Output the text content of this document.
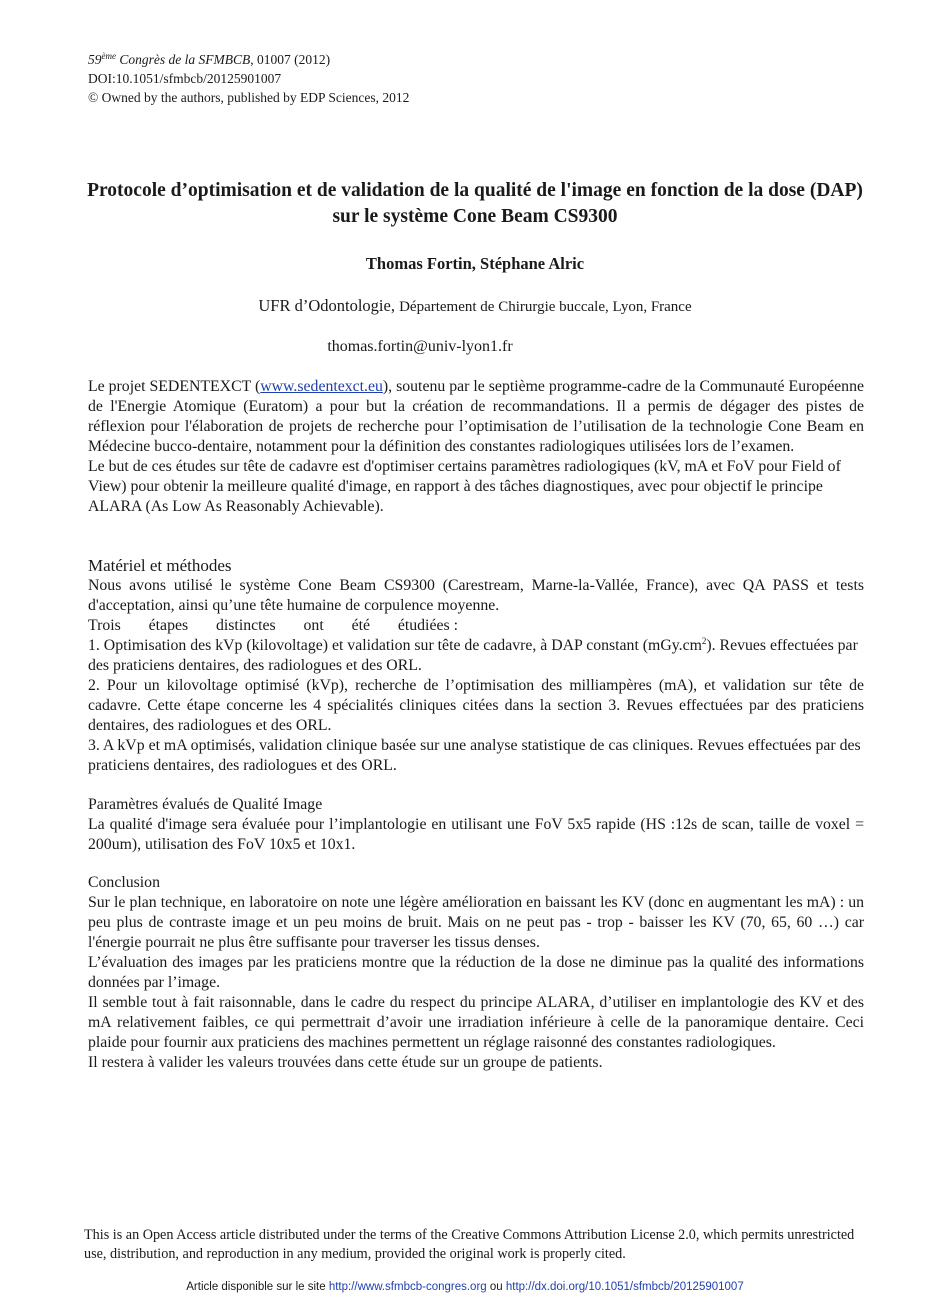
59ème Congrès de la SFMBCB, 01007 (2012)
DOI:10.1051/sfmbcb/20125901007
© Owned by the authors, published by EDP Sciences, 2012
Protocole d’optimisation et de validation de la qualité de l'image en fonction de la dose (DAP) sur le système Cone Beam CS9300
Thomas Fortin, Stéphane Alric
UFR d’Odontologie, Département de Chirurgie buccale, Lyon, France
thomas.fortin@univ-lyon1.fr

Le projet SEDENTEXCT (www.sedentexct.eu), soutenu par le septième programme-cadre de la Communauté Européenne de l'Energie Atomique (Euratom) a pour but la création de recommandations. Il a permis de dégager des pistes de réflexion pour l'élaboration de projets de recherche pour l’optimisation de l’utilisation de la technologie Cone Beam en Médecine bucco-dentaire, notamment pour la définition des constantes radiologiques utilisées lors de l’examen.

Le but de ces études sur tête de cadavre est d'optimiser certains paramètres radiologiques (kV, mA et FoV pour Field of View) pour obtenir la meilleure qualité d'image, en rapport à des tâches diagnostiques, avec pour objectif le principe ALARA (As Low As Reasonably Achievable).

Matériel et méthodes

Nous avons utilisé le système Cone Beam CS9300 (Carestream, Marne-la-Vallée, France), avec QA PASS et tests d'acceptation, ainsi qu’une tête humaine de corpulence moyenne.

Trois étapes distinctes ont été étudiées :

1. Optimisation des kVp (kilovoltage) et validation sur tête de cadavre, à DAP constant $(mGy.cm^2)$. Revues effectuées par des praticiens dentaires, des radiologues et des ORL.

2. Pour un kilovoltage optimisé (kVp), recherche de l’optimisation des milliampères (mA), et validation sur tête de cadavre. Cette étape concerne les 4 spécialités cliniques citées dans la section 3. Revues effectuées par des praticiens dentaires, des radiologues et des ORL.

3. A kVp et mA optimisés, validation clinique basée sur une analyse statistique de cas cliniques. Revues effectuées par des praticiens dentaires, des radiologues et des ORL.

Paramètres évalués de Qualité Image

La qualité d'image sera évaluée pour l’implantologie en utilisant une FoV 5x5 rapide (HS :12s de scan, taille de voxel = 200um), utilisation des FoV 10x5 et 10x1.

Conclusion

Sur le plan technique, en laboratoire on note une légère amélioration en baissant les KV (donc en augmentant les mA) : un peu plus de contraste image et un peu moins de bruit. Mais on ne peut pas - trop - baisser les KV (70, 65, 60 …) car l'énergie pourrait ne plus être suffisante pour traverser les tissus denses.

L’évaluation des images par les praticiens montre que la réduction de la dose ne diminue pas la qualité des informations données par l’image.

Il semble tout à fait raisonnable, dans le cadre du respect du principe ALARA, d’utiliser en implantologie des KV et des mA relativement faibles, ce qui permettrait d’avoir une irradiation inférieure à celle de la panoramique dentaire. Ceci plaide pour fournir aux praticiens des machines permettent un réglage raisonné des constantes radiologiques.

Il restera à valider les valeurs trouvées dans cette étude sur un groupe de patients.

This is an Open Access article distributed under the terms of the Creative Commons Attribution License 2.0, which permits unrestricted use, distribution, and reproduction in any medium, provided the original work is properly cited.
Article disponible sur le site http://www.sfmbcb-congres.org ou http://dx.doi.org/10.1051/sfmbcb/20125901007
